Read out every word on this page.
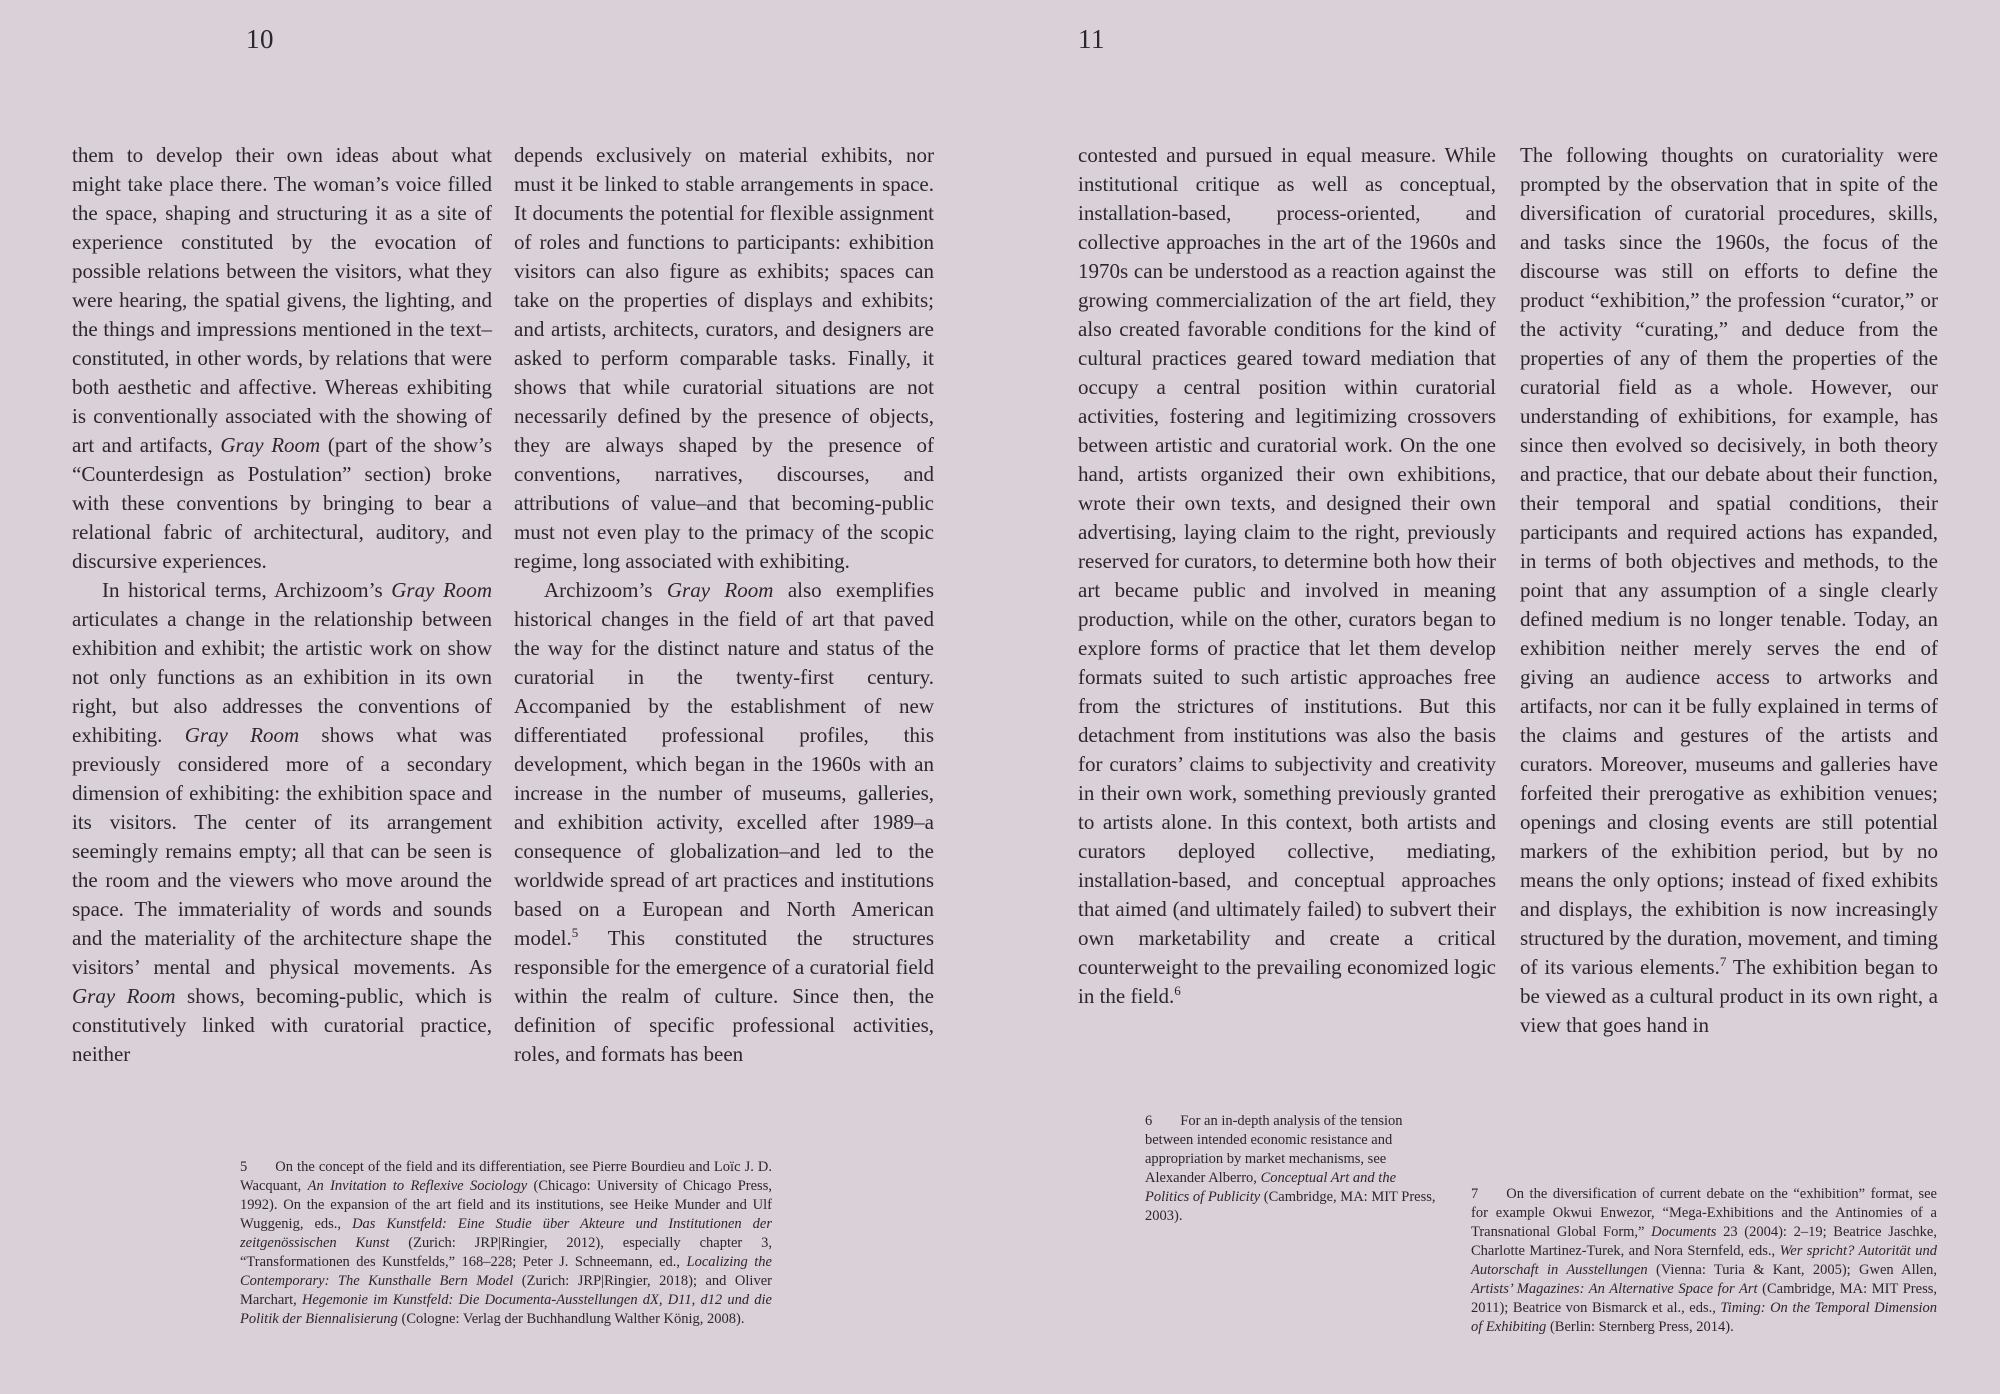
10	11

them to develop their own ideas about what might take place there. The woman’s voice filled the space, shaping and structuring it as a site of experience constituted by the evocation of possible relations between the visitors, what they were hearing, the spatial givens, the lighting, and the things and impressions mentioned in the text–constituted, in other words, by relations that were both aesthetic and affective. Whereas exhibiting is conventionally associated with the showing of art and artifacts, Gray Room (part of the show’s “Counterdesign as Postulation” section) broke with these conventions by bringing to bear a relational fabric of architectural, auditory, and discursive experiences.

In historical terms, Archizoom’s Gray Room articulates a change in the relationship between exhibition and exhibit; the artistic work on show not only functions as an exhibition in its own right, but also addresses the conventions of exhibiting. Gray Room shows what was previously considered more of a secondary dimension of exhibiting: the exhibition space and its visitors. The center of its arrangement seemingly remains empty; all that can be seen is the room and the viewers who move around the space. The immateriality of words and sounds and the materiality of the architecture shape the visitors’ mental and physical movements. As Gray Room shows, becoming-public, which is constitutively linked with curatorial practice, neither

depends exclusively on material exhibits, nor must it be linked to stable arrangements in space. It documents the potential for flexible assignment of roles and functions to participants: exhibition visitors can also figure as exhibits; spaces can take on the properties of displays and exhibits; and artists, architects, curators, and designers are asked to perform comparable tasks. Finally, it shows that while curatorial situations are not necessarily defined by the presence of objects, they are always shaped by the presence of conventions, narratives, discourses, and attributions of value–and that becoming-public must not even play to the primacy of the scopic regime, long associated with exhibiting.

Archizoom’s Gray Room also exemplifies historical changes in the field of art that paved the way for the distinct nature and status of the curatorial in the twenty-first century. Accompanied by the establishment of new differentiated professional profiles, this development, which began in the 1960s with an increase in the number of museums, galleries, and exhibition activity, excelled after 1989–a consequence of globalization–and led to the worldwide spread of art practices and institutions based on a European and North American model.$^5$ This constituted the structures responsible for the emergence of a curatorial field within the realm of culture. Since then, the definition of specific professional activities, roles, and formats has been

contested and pursued in equal measure. While institutional critique as well as conceptual, installation-based, process-oriented, and collective approaches in the art of the 1960s and 1970s can be understood as a reaction against the growing commercialization of the art field, they also created favorable conditions for the kind of cultural practices geared toward mediation that occupy a central position within curatorial activities, fostering and legitimizing crossovers between artistic and curatorial work. On the one hand, artists organized their own exhibitions, wrote their own texts, and designed their own advertising, laying claim to the right, previously reserved for curators, to determine both how their art became public and involved in meaning production, while on the other, curators began to explore forms of practice that let them develop formats suited to such artistic approaches free from the strictures of institutions. But this detachment from institutions was also the basis for curators’ claims to subjectivity and creativity in their own work, something previously granted to artists alone. In this context, both artists and curators deployed collective, mediating, installation-based, and conceptual approaches that aimed (and ultimately failed) to subvert their own marketability and create a critical counterweight to the prevailing economized logic in the field.$^6$

The following thoughts on curatoriality were prompted by the observation that in spite of the diversification of curatorial procedures, skills, and tasks since the 1960s, the focus of the discourse was still on efforts to define the product “exhibition,” the profession “curator,” or the activity “curating,” and deduce from the properties of any of them the properties of the curatorial field as a whole. However, our understanding of exhibitions, for example, has since then evolved so decisively, in both theory and practice, that our debate about their function, their temporal and spatial conditions, their participants and required actions has expanded, in terms of both objectives and methods, to the point that any assumption of a single clearly defined medium is no longer tenable. Today, an exhibition neither merely serves the end of giving an audience access to artworks and artifacts, nor can it be fully explained in terms of the claims and gestures of the artists and curators. Moreover, museums and galleries have forfeited their prerogative as exhibition venues; openings and closing events are still potential markers of the exhibition period, but by no means the only options; instead of fixed exhibits and displays, the exhibition is now increasingly structured by the duration, movement, and timing of its various elements.$^7$ The exhibition began to be viewed as a cultural product in its own right, a view that goes hand in

5 On the concept of the field and its differentiation, see Pierre Bourdieu and Loïc J. D. Wacquant, An Invitation to Reflexive Sociology (Chicago: University of Chicago Press, 1992). On the expansion of the art field and its institutions, see Heike Munder and Ulf Wuggenig, eds., Das Kunstfeld: Eine Studie über Akteure und Institutionen der zeitgenössischen Kunst (Zurich: JRP|Ringier, 2012), especially chapter 3, “Transformationen des Kunstfelds,” 168–228; Peter J. Schneemann, ed., Localizing the Contemporary: The Kunsthalle Bern Model (Zurich: JRP|Ringier, 2018); and Oliver Marchart, Hegemonie im Kunstfeld: Die Documenta-Ausstellungen dX, D11, d12 und die Politik der Biennalisierung (Cologne: Verlag der Buchhandlung Walther König, 2008).

6 For an in-depth analysis of the tension between intended economic resistance and appropriation by market mechanisms, see Alexander Alberro, Conceptual Art and the Politics of Publicity (Cambridge, MA: MIT Press, 2003).

7 On the diversification of current debate on the “exhibition” format, see for example Okwui Enwezor, “Mega-Exhibitions and the Antinomies of a Transnational Global Form,” Documents 23 (2004): 2–19; Beatrice Jaschke, Charlotte Martinez-Turek, and Nora Sternfeld, eds., Wer spricht? Autorität und Autorschaft in Ausstellungen (Vienna: Turia & Kant, 2005); Gwen Allen, Artists’ Magazines: An Alternative Space for Art (Cambridge, MA: MIT Press, 2011); Beatrice von Bismarck et al., eds., Timing: On the Temporal Dimension of Exhibiting (Berlin: Sternberg Press, 2014).
